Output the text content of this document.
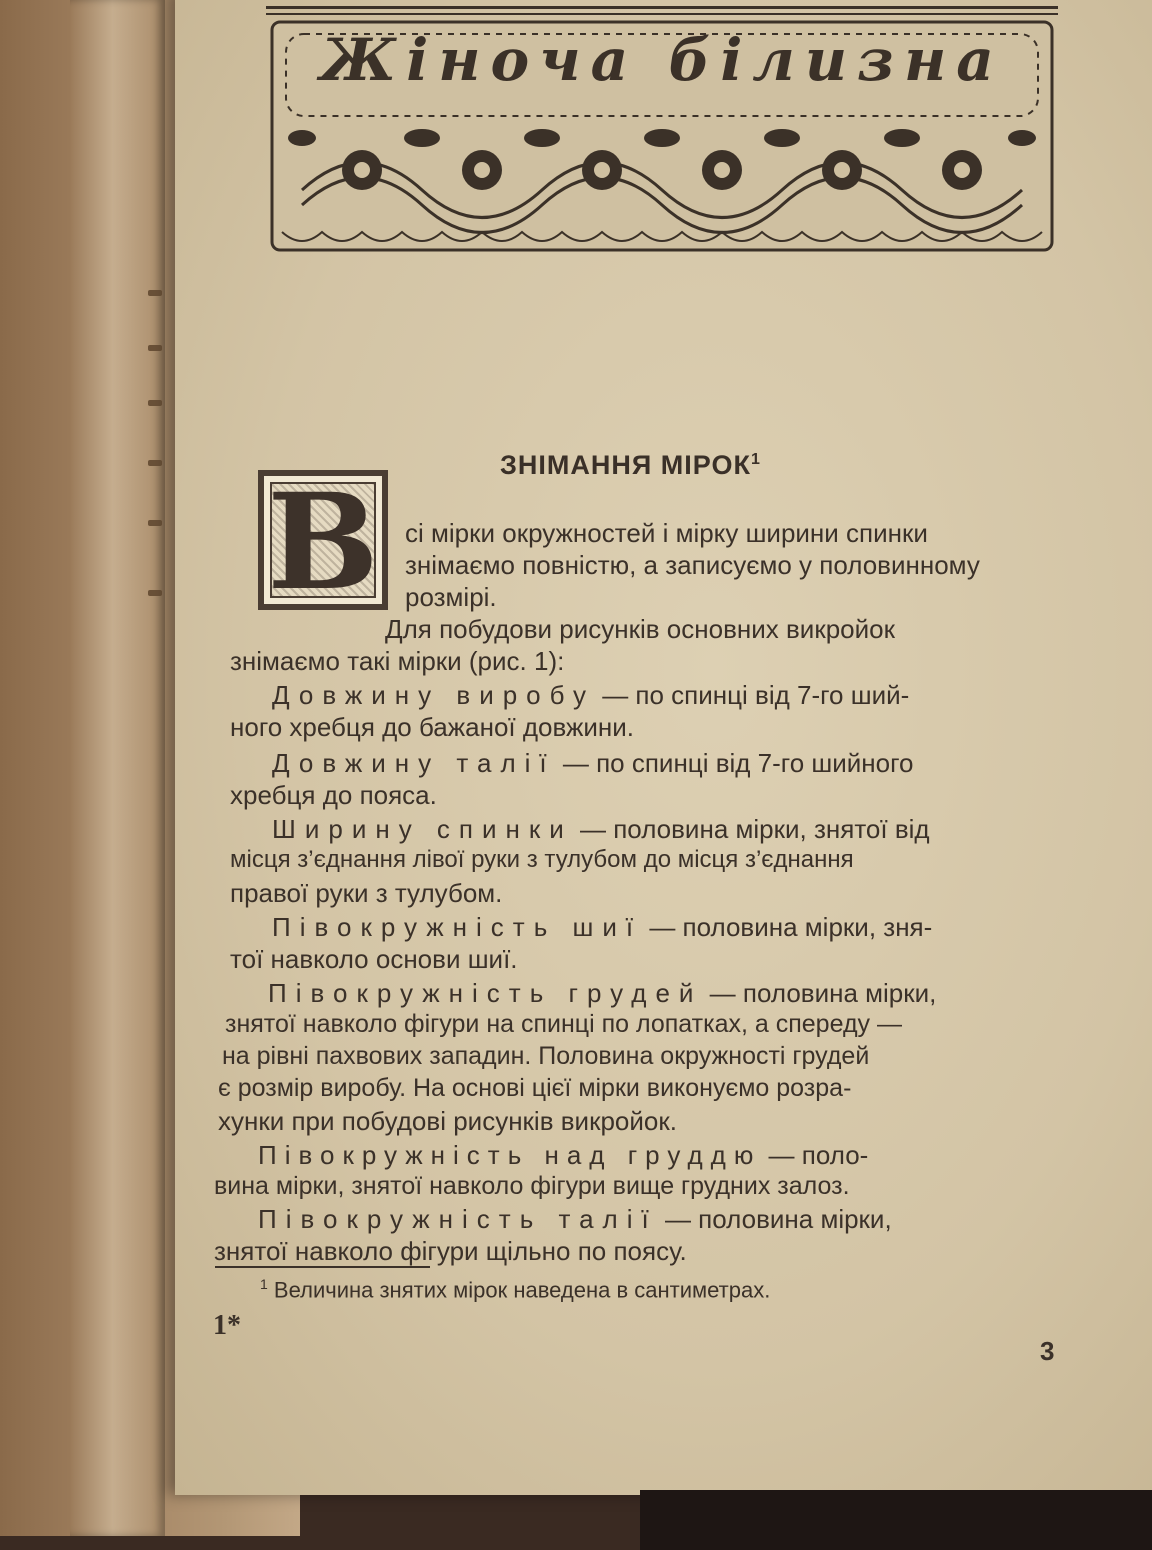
Жіноча білизна
ЗНІМАННЯ МІРОК$^1$
В сі мірки окружностей і мірку ширини спинки
знімаємо повністю, а записуємо у половинному
розмірі.
Для побудови рисунків основних викройок
знімаємо такі мірки (рис. 1):
Довжину виробу — по спинці від 7-го ший-
ного хребця до бажаної довжини.
Довжину талії — по спинці від 7-го шийного
хребця до пояса.
Ширину спинки — половина мірки, знятої від
місця з’єднання лівої руки з тулубом до місця з’єднання
правої руки з тулубом.
Півокружність шиї — половина мірки, зня-
тої навколо основи шиї.
Півокружність грудей — половина мірки,
знятої навколо фігури на спинці по лопатках, а спереду —
на рівні пахвових западин. Половина окружності грудей
є розмір виробу. На основі цієї мірки виконуємо розра-
хунки при побудові рисунків викройок.
Півокружність над груддю — поло-
вина мірки, знятої навколо фігури вище грудних залоз.
Півокружність талії — половина мірки,
знятої навколо фігури щільно по поясу.
$^1$ Величина знятих мірок наведена в сантиметрах.
1*
3
